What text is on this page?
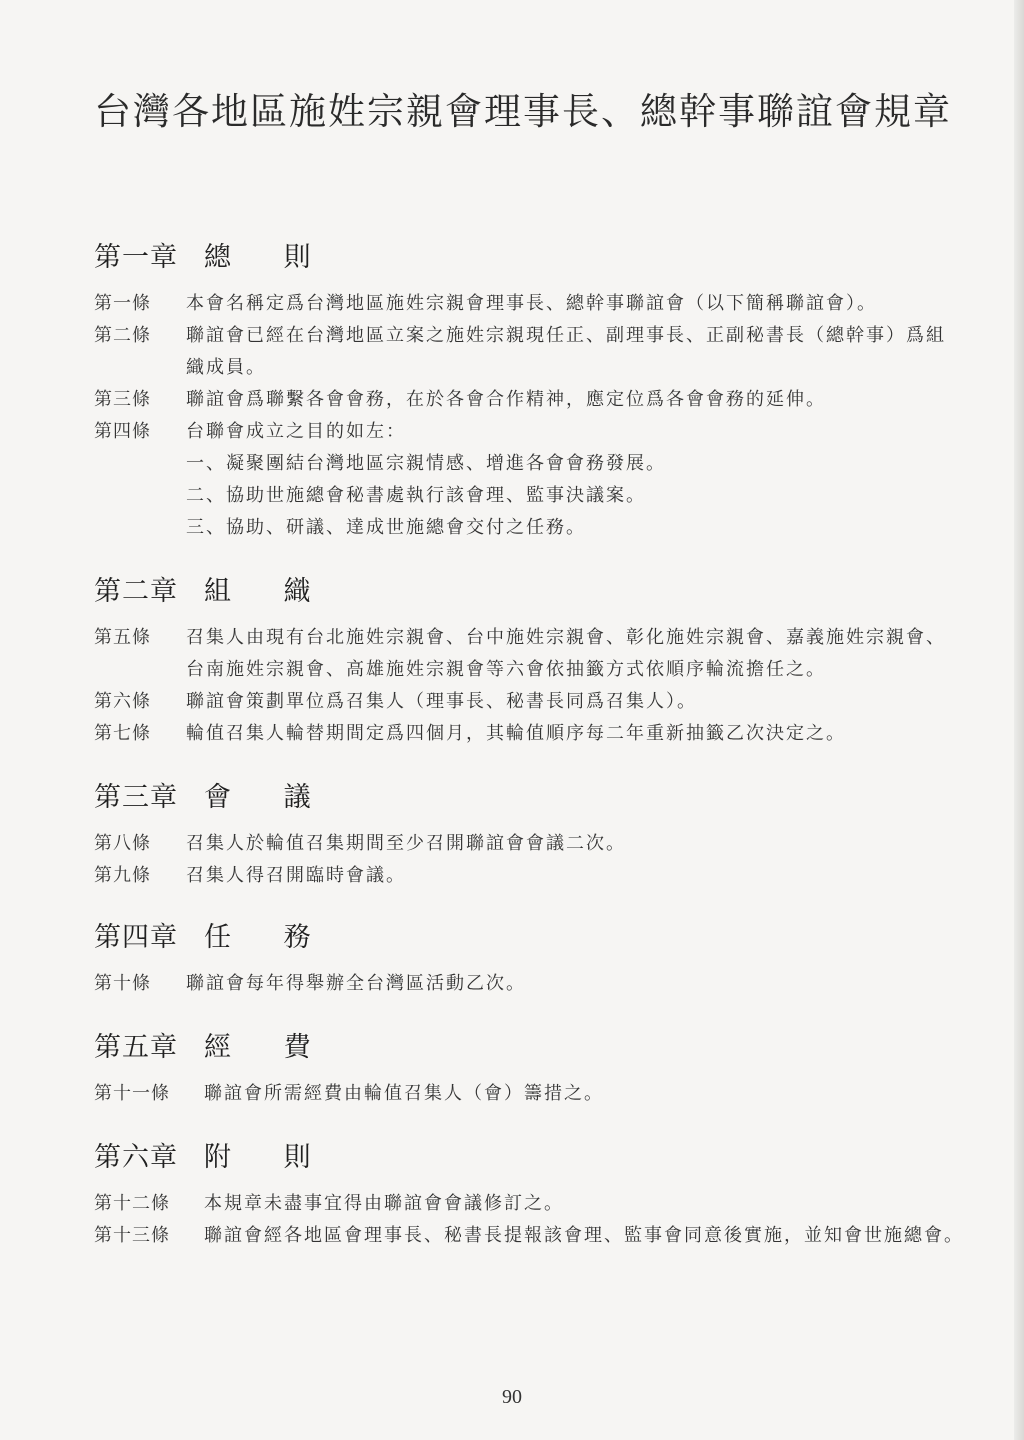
台灣各地區施姓宗親會理事長、總幹事聯誼會規章
第一章 總 則
第一條 本會名稱定爲台灣地區施姓宗親會理事長、總幹事聯誼會（以下簡稱聯誼會）。
第二條 聯誼會已經在台灣地區立案之施姓宗親現任正、副理事長、正副秘書長（總幹事）爲組織成員。
第三條 聯誼會爲聯繫各會會務，在於各會合作精神，應定位爲各會會務的延伸。
第四條 台聯會成立之目的如左：
一、凝聚團結台灣地區宗親情感、增進各會會務發展。
二、協助世施總會秘書處執行該會理、監事決議案。
三、協助、研議、達成世施總會交付之任務。
第二章 組 織
第五條 召集人由現有台北施姓宗親會、台中施姓宗親會、彰化施姓宗親會、嘉義施姓宗親會、台南施姓宗親會、高雄施姓宗親會等六會依抽籤方式依順序輪流擔任之。
第六條 聯誼會策劃單位爲召集人（理事長、秘書長同爲召集人）。
第七條 輪值召集人輪替期間定爲四個月，其輪值順序每二年重新抽籤乙次決定之。
第三章 會 議
第八條 召集人於輪值召集期間至少召開聯誼會會議二次。
第九條 召集人得召開臨時會議。
第四章 任 務
第十條 聯誼會每年得舉辦全台灣區活動乙次。
第五章 經 費
第十一條 聯誼會所需經費由輪值召集人（會）籌措之。
第六章 附 則
第十二條 本規章未盡事宜得由聯誼會會議修訂之。
第十三條 聯誼會經各地區會理事長、秘書長提報該會理、監事會同意後實施，並知會世施總會。
90
